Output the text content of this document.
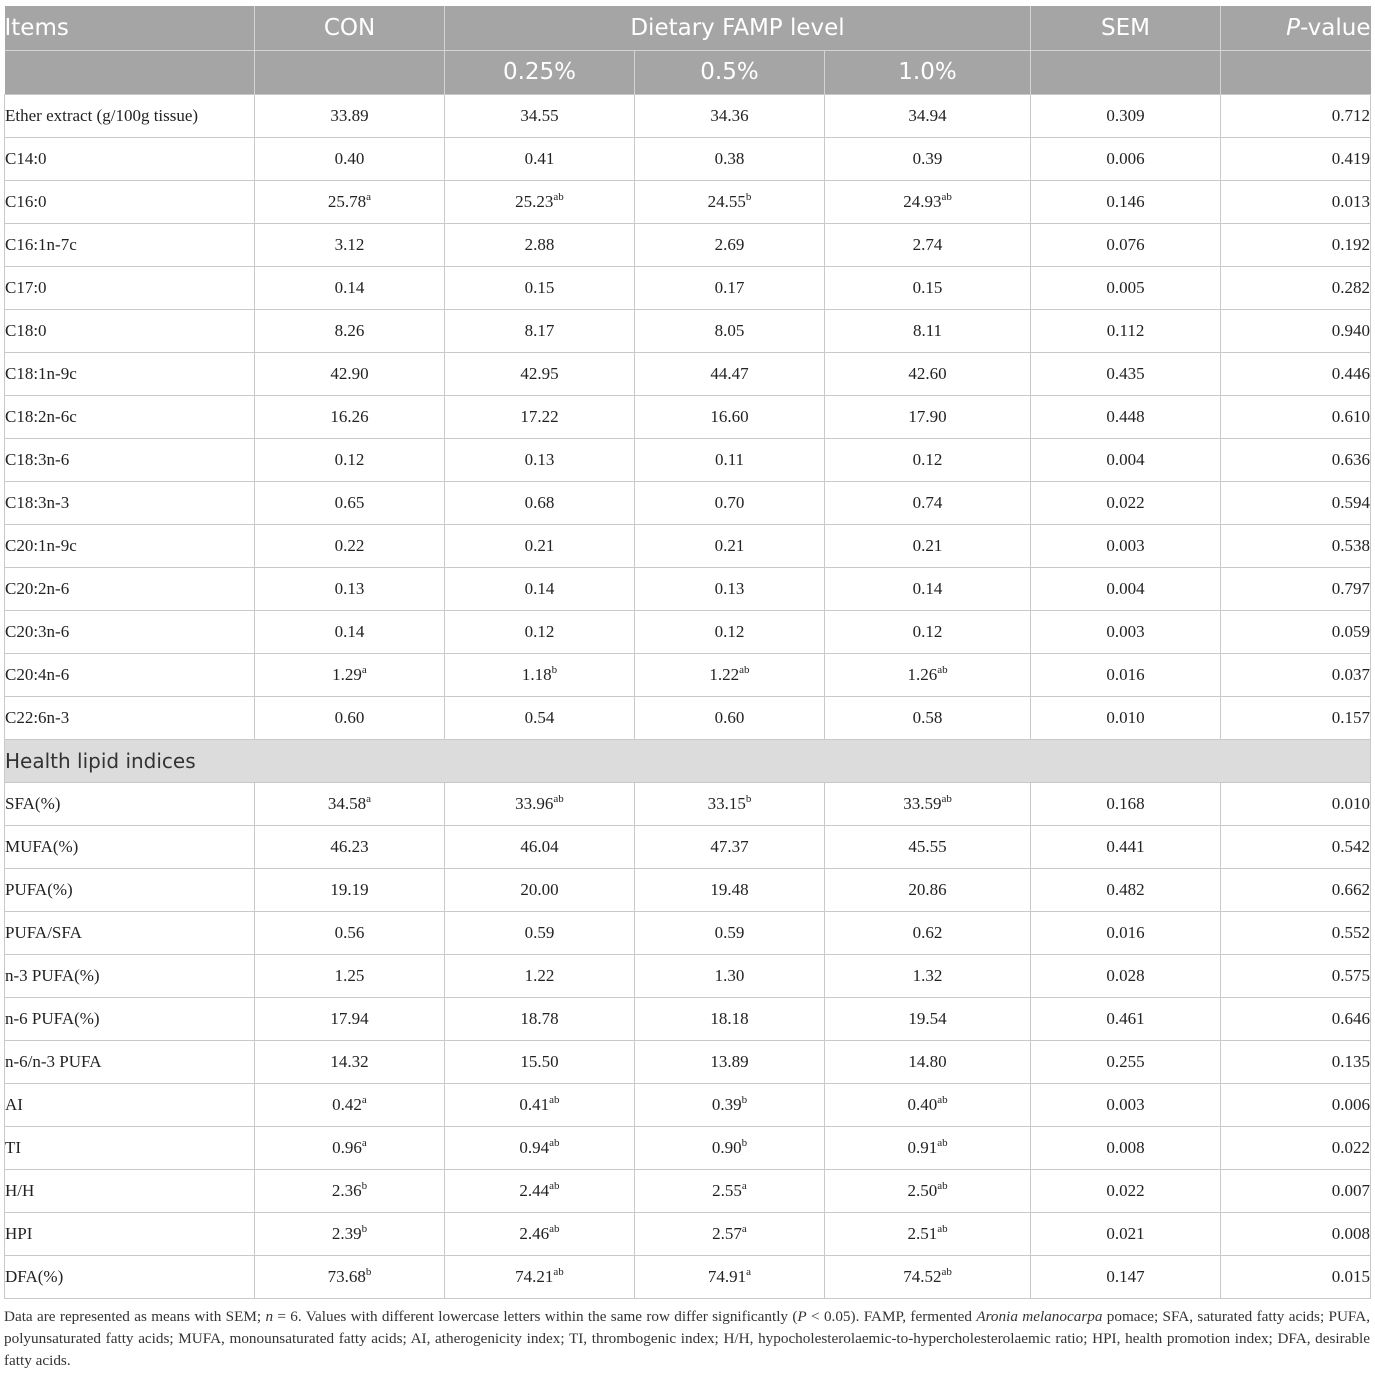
Items	CON	Dietary FAMP level			SEM	P-value
		0.25%	0.5%	1.0%		
Ether extract (g/100g tissue)	33.89	34.55	34.36	34.94	0.309	0.712
C14:0	0.40	0.41	0.38	0.39	0.006	0.419
C16:0	25.78$^a$	25.23$^{ab}$	24.55$^b$	24.93$^{ab}$	0.146	0.013
C16:1n-7c	3.12	2.88	2.69	2.74	0.076	0.192
C17:0	0.14	0.15	0.17	0.15	0.005	0.282
C18:0	8.26	8.17	8.05	8.11	0.112	0.940
C18:1n-9c	42.90	42.95	44.47	42.60	0.435	0.446
C18:2n-6c	16.26	17.22	16.60	17.90	0.448	0.610
C18:3n-6	0.12	0.13	0.11	0.12	0.004	0.636
C18:3n-3	0.65	0.68	0.70	0.74	0.022	0.594
C20:1n-9c	0.22	0.21	0.21	0.21	0.003	0.538
C20:2n-6	0.13	0.14	0.13	0.14	0.004	0.797
C20:3n-6	0.14	0.12	0.12	0.12	0.003	0.059
C20:4n-6	1.29$^a$	1.18$^b$	1.22$^{ab}$	1.26$^{ab}$	0.016	0.037
C22:6n-3	0.60	0.54	0.60	0.58	0.010	0.157
Health lipid indices						
SFA(%)	34.58$^a$	33.96$^{ab}$	33.15$^b$	33.59$^{ab}$	0.168	0.010
MUFA(%)	46.23	46.04	47.37	45.55	0.441	0.542
PUFA(%)	19.19	20.00	19.48	20.86	0.482	0.662
PUFA/SFA	0.56	0.59	0.59	0.62	0.016	0.552
n-3 PUFA(%)	1.25	1.22	1.30	1.32	0.028	0.575
n-6 PUFA(%)	17.94	18.78	18.18	19.54	0.461	0.646
n-6/n-3 PUFA	14.32	15.50	13.89	14.80	0.255	0.135
AI	0.42$^a$	0.41$^{ab}$	0.39$^b$	0.40$^{ab}$	0.003	0.006
TI	0.96$^a$	0.94$^{ab}$	0.90$^b$	0.91$^{ab}$	0.008	0.022
H/H	2.36$^b$	2.44$^{ab}$	2.55$^a$	2.50$^{ab}$	0.022	0.007
HPI	2.39$^b$	2.46$^{ab}$	2.57$^a$	2.51$^{ab}$	0.021	0.008
DFA(%)	73.68$^b$	74.21$^{ab}$	74.91$^a$	74.52$^{ab}$	0.147	0.015
Data are represented as means with SEM; n = 6. Values with different lowercase letters within the same row differ significantly (P < 0.05). FAMP, fermented Aronia melanocarpa pomace; SFA, saturated fatty acids; PUFA, polyunsaturated fatty acids; MUFA, monounsaturated fatty acids; AI, atherogenicity index; TI, thrombogenic index; H/H, hypocholesterolaemic-to-hypercholesterolaemic ratio; HPI, health promotion index; DFA, desirable fatty acids.
